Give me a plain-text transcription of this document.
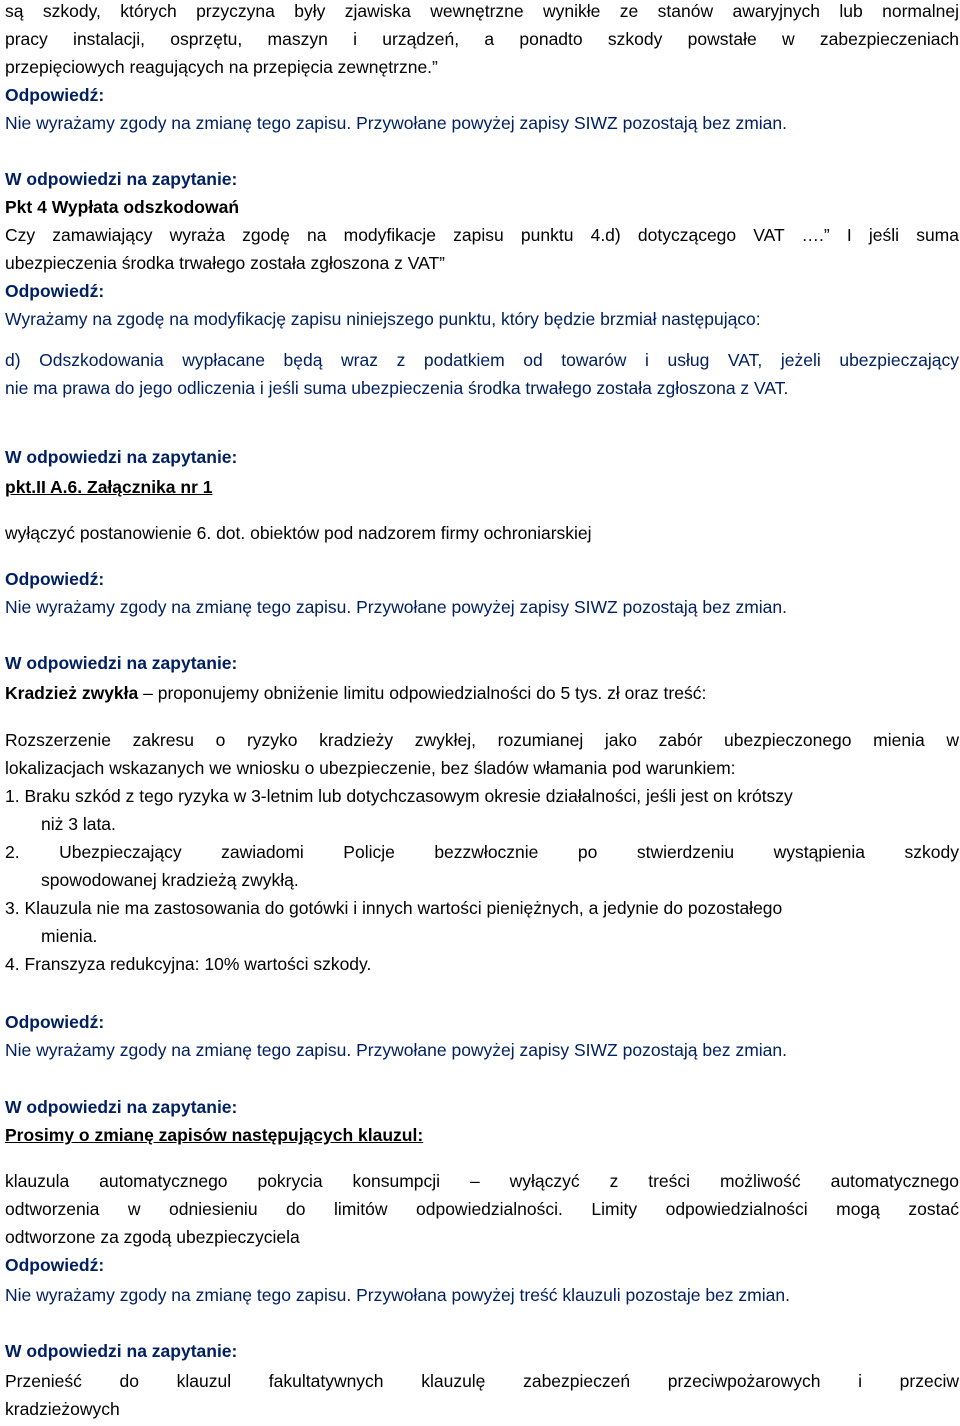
są szkody, których przyczyna były zjawiska wewnętrzne wynikłe ze stanów awaryjnych lub normalnej
pracy instalacji, osprzętu, maszyn i urządzeń, a ponadto szkody powstałe w zabezpieczeniach
przepięciowych reagujących na przepięcia zewnętrzne.”
Odpowiedź:
Nie wyrażamy zgody na zmianę tego zapisu. Przywołane powyżej zapisy SIWZ pozostają bez zmian.
W odpowiedzi na zapytanie:
Pkt 4 Wypłata odszkodowań
Czy zamawiający wyraża zgodę na modyfikacje zapisu punktu 4.d) dotyczącego VAT ….” I jeśli suma
ubezpieczenia środka trwałego została zgłoszona z VAT”
Odpowiedź:
Wyrażamy na zgodę na modyfikację zapisu niniejszego punktu, który będzie brzmiał następująco:
d) Odszkodowania wypłacane będą wraz z podatkiem od towarów i usług VAT, jeżeli ubezpieczający
nie ma prawa do jego odliczenia i jeśli suma ubezpieczenia środka trwałego została zgłoszona z VAT.
W odpowiedzi na zapytanie:
pkt.II A.6. Załącznika nr 1
wyłączyć postanowienie 6. dot. obiektów pod nadzorem firmy ochroniarskiej
Odpowiedź:
Nie wyrażamy zgody na zmianę tego zapisu. Przywołane powyżej zapisy SIWZ pozostają bez zmian.
W odpowiedzi na zapytanie:
Kradzież zwykła – proponujemy obniżenie limitu odpowiedzialności do 5 tys. zł oraz treść:
Rozszerzenie zakresu o ryzyko kradzieży zwykłej, rozumianej jako zabór ubezpieczonego mienia w
lokalizacjach wskazanych we wniosku o ubezpieczenie, bez śladów włamania pod warunkiem:
1. Braku szkód z tego ryzyka w 3-letnim lub dotychczasowym okresie działalności, jeśli jest on krótszy
niż 3 lata.
2. Ubezpieczający zawiadomi Policje bezzwłocznie po stwierdzeniu wystąpienia szkody
spowodowanej kradzieżą zwykłą.
3. Klauzula nie ma zastosowania do gotówki i innych wartości pieniężnych, a jedynie do pozostałego
mienia.
4. Franszyza redukcyjna: 10% wartości szkody.
Odpowiedź:
Nie wyrażamy zgody na zmianę tego zapisu. Przywołane powyżej zapisy SIWZ pozostają bez zmian.
W odpowiedzi na zapytanie:
Prosimy o zmianę zapisów następujących klauzul:
klauzula automatycznego pokrycia konsumpcji – wyłączyć z treści możliwość automatycznego
odtworzenia w odniesieniu do limitów odpowiedzialności. Limity odpowiedzialności mogą zostać
odtworzone za zgodą ubezpieczyciela
Odpowiedź:
Nie wyrażamy zgody na zmianę tego zapisu. Przywołana powyżej treść klauzuli pozostaje bez zmian.
W odpowiedzi na zapytanie:
Przenieść do klauzul fakultatywnych klauzulę zabezpieczeń przeciwpożarowych i przeciw
kradzieżowych
